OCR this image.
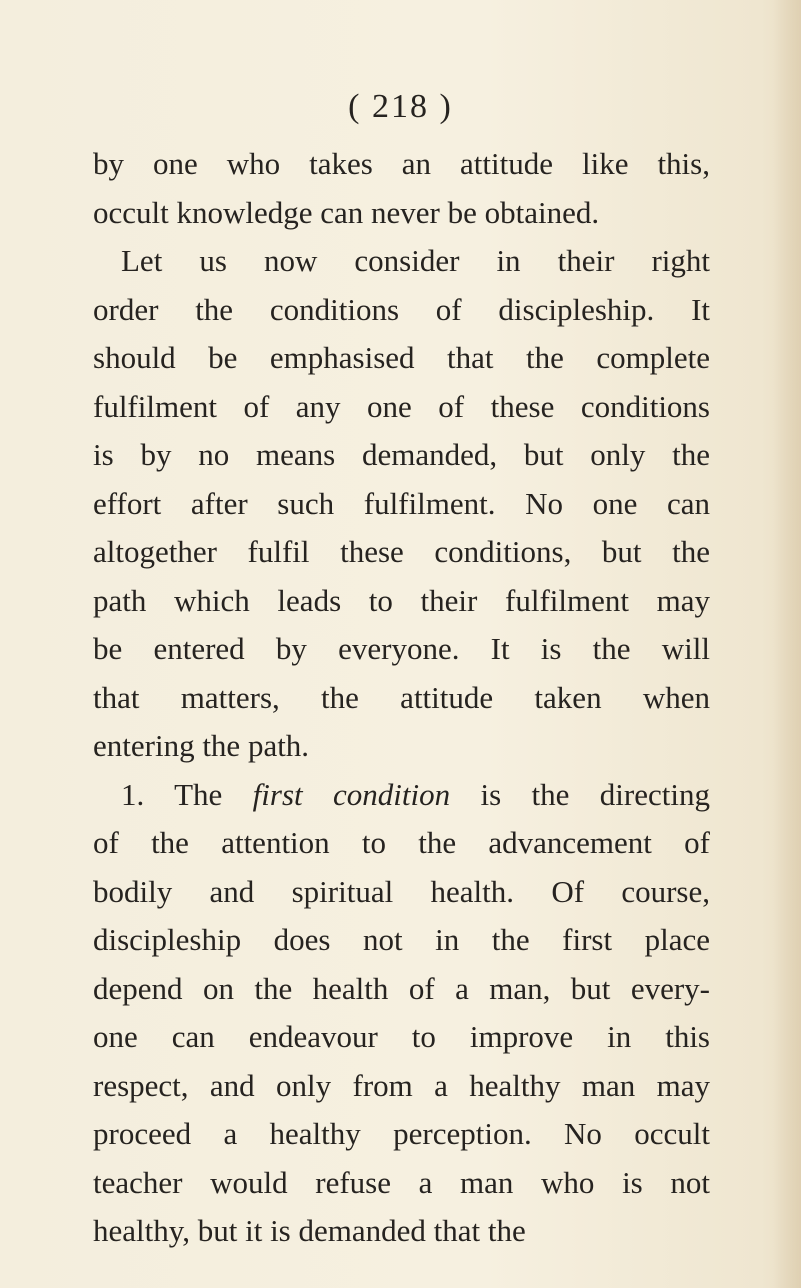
( 218 )
by one who takes an attitude like this,
occult knowledge can never be obtained.
Let us now consider in their right
order the conditions of discipleship. It
should be emphasised that the complete
fulfilment of any one of these conditions
is by no means demanded, but only the
effort after such fulfilment. No one can
altogether fulfil these conditions, but the
path which leads to their fulfilment may
be entered by everyone. It is the will
that matters, the attitude taken when
entering the path.
1. The first condition is the directing
of the attention to the advancement of
bodily and spiritual health. Of course,
discipleship does not in the first place
depend on the health of a man, but every-
one can endeavour to improve in this
respect, and only from a healthy man may
proceed a healthy perception. No occult
teacher would refuse a man who is not
healthy, but it is demanded that the
